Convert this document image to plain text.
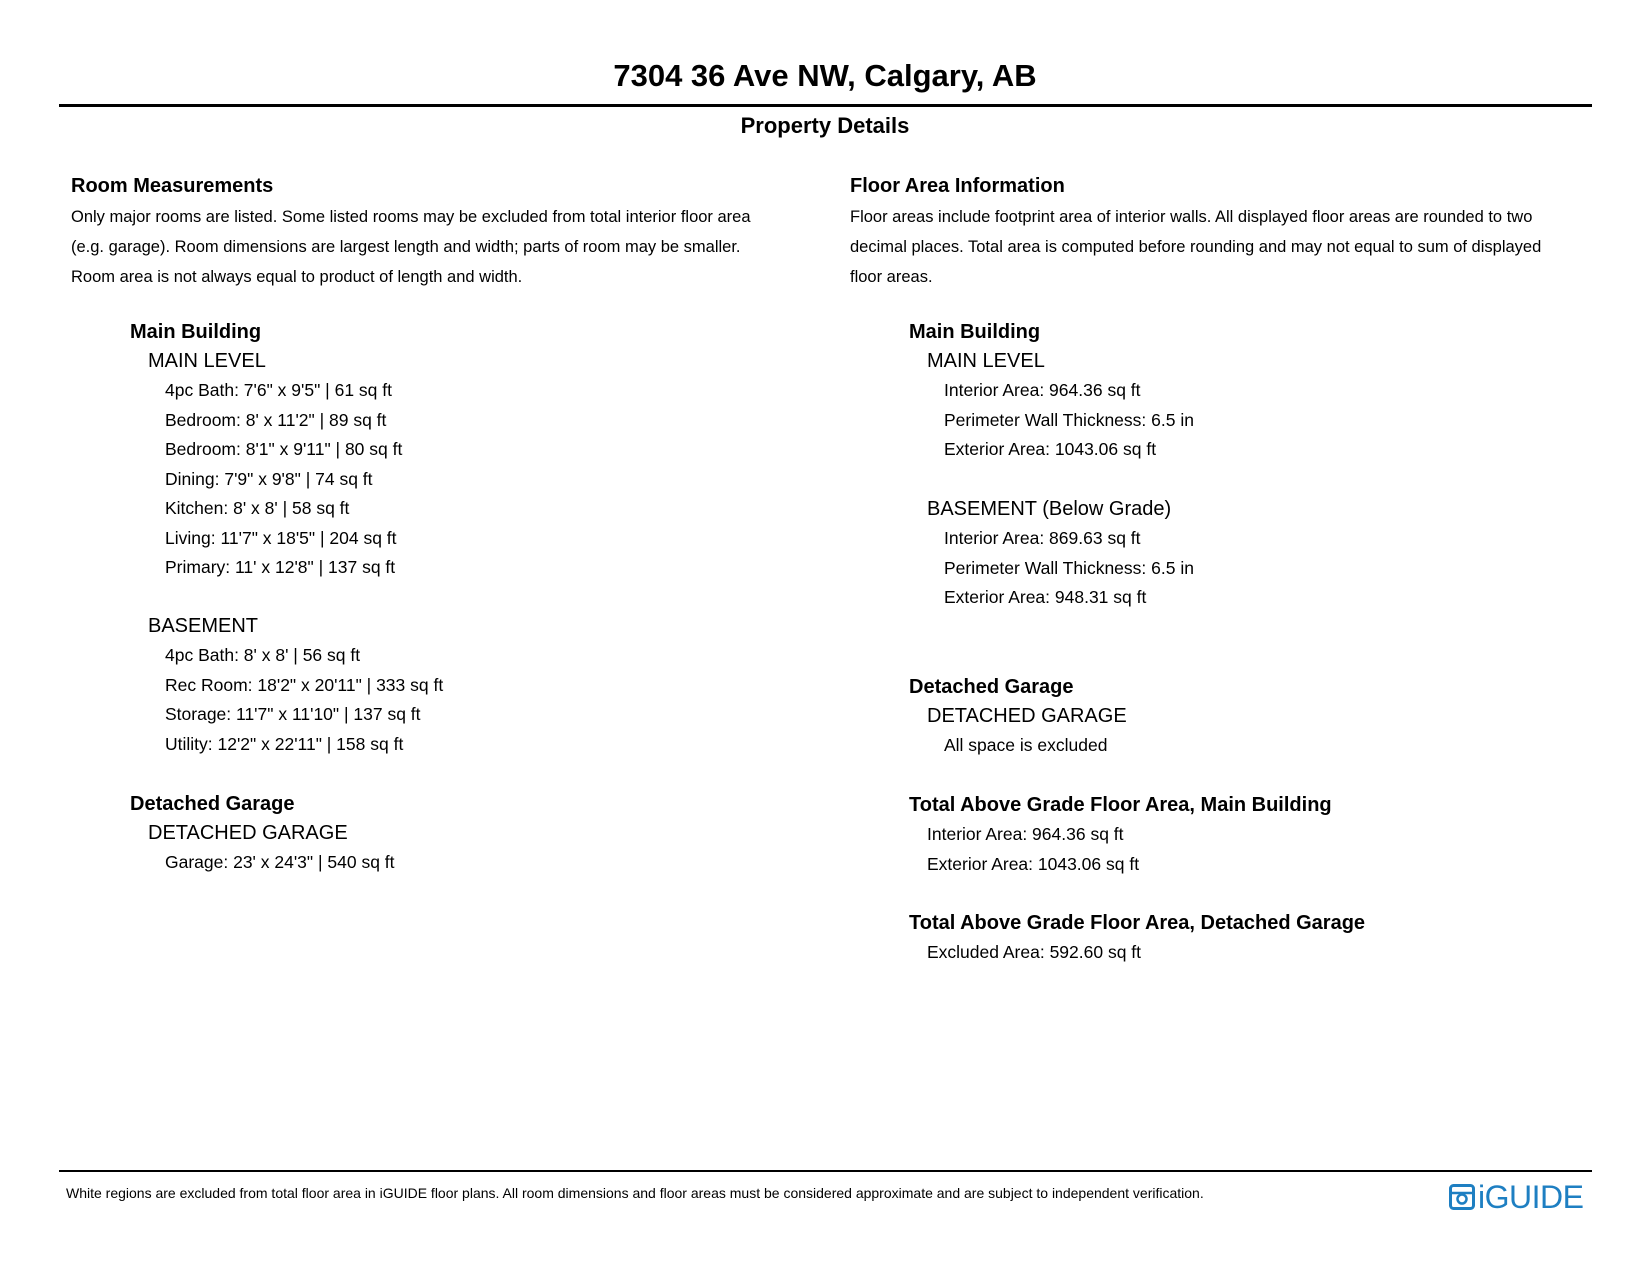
7304 36 Ave NW, Calgary, AB
Property Details
Room Measurements
Only major rooms are listed. Some listed rooms may be excluded from total interior floor area
(e.g. garage). Room dimensions are largest length and width; parts of room may be smaller.
Room area is not always equal to product of length and width.
Main Building
MAIN LEVEL
4pc Bath: 7'6" x 9'5" | 61 sq ft
Bedroom: 8' x 11'2" | 89 sq ft
Bedroom: 8'1" x 9'11" | 80 sq ft
Dining: 7'9" x 9'8" | 74 sq ft
Kitchen: 8' x 8' | 58 sq ft
Living: 11'7" x 18'5" | 204 sq ft
Primary: 11' x 12'8" | 137 sq ft
BASEMENT
4pc Bath: 8' x 8' | 56 sq ft
Rec Room: 18'2" x 20'11" | 333 sq ft
Storage: 11'7" x 11'10" | 137 sq ft
Utility: 12'2" x 22'11" | 158 sq ft
Detached Garage
DETACHED GARAGE
Garage: 23' x 24'3" | 540 sq ft
Floor Area Information
Floor areas include footprint area of interior walls. All displayed floor areas are rounded to two
decimal places. Total area is computed before rounding and may not equal to sum of displayed
floor areas.
Main Building
MAIN LEVEL
Interior Area: 964.36 sq ft
Perimeter Wall Thickness: 6.5 in
Exterior Area: 1043.06 sq ft
BASEMENT (Below Grade)
Interior Area: 869.63 sq ft
Perimeter Wall Thickness: 6.5 in
Exterior Area: 948.31 sq ft
Detached Garage
DETACHED GARAGE
All space is excluded
Total Above Grade Floor Area, Main Building
Interior Area: 964.36 sq ft
Exterior Area: 1043.06 sq ft
Total Above Grade Floor Area, Detached Garage
Excluded Area: 592.60 sq ft
White regions are excluded from total floor area in iGUIDE floor plans. All room dimensions and floor areas must be considered approximate and are subject to independent verification.	iGUIDE
